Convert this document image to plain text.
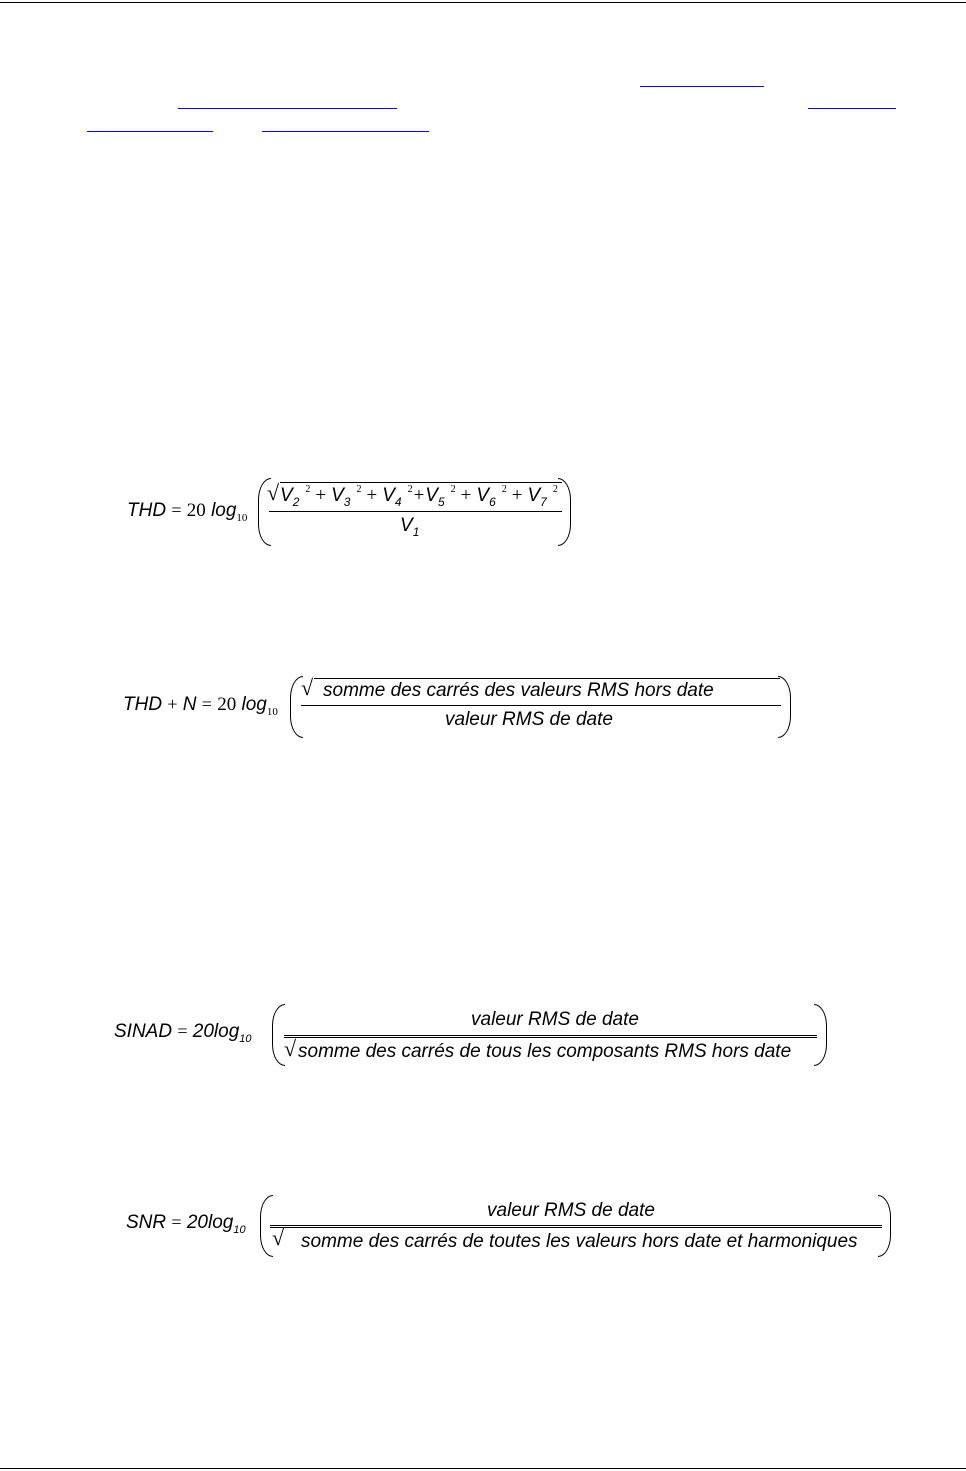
THD = 20 $\log_{10}$
√ $V_2^2 + V_3^2 + V_4^2+V_5^2 + V_6^2 + V_7^2$
$V_1$
THD + N = 20 $\log_{10}$
√ somme des carrés des valeurs RMS hors date
valeur RMS de date
SINAD = $20\log_{10}$
valeur RMS de date
√ somme des carrés de tous les composants RMS hors date
SNR = $20\log_{10}$
valeur RMS de date
√ somme des carrés de toutes les valeurs hors date et harmoniques
